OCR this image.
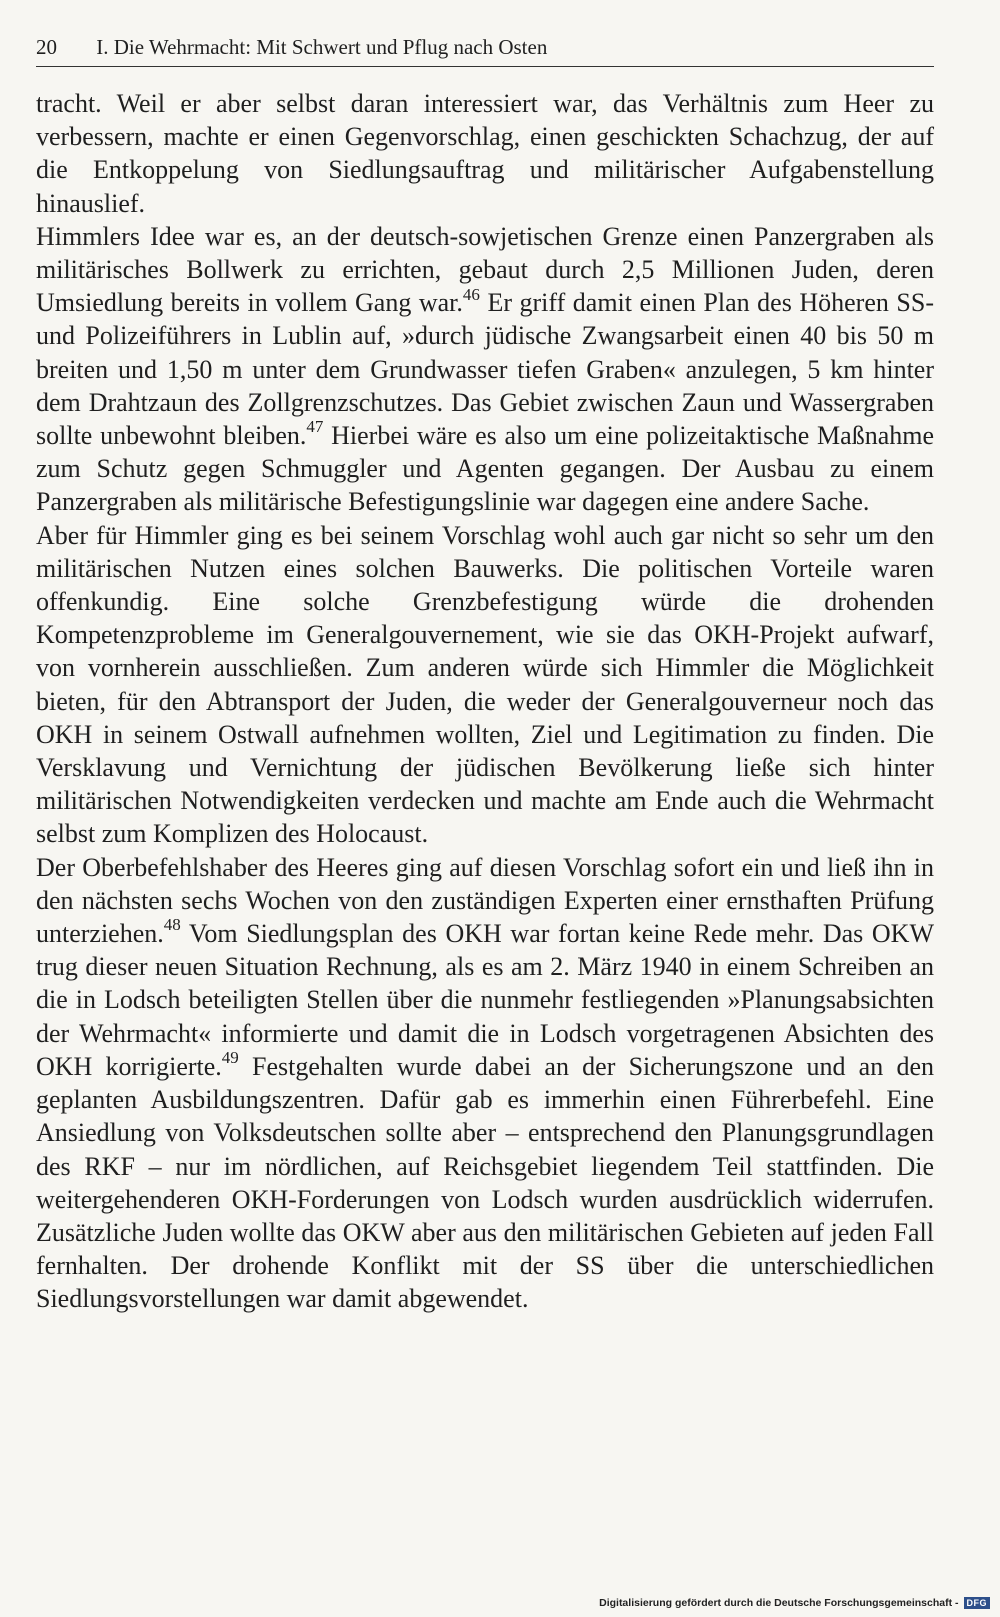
20 I. Die Wehrmacht: Mit Schwert und Pflug nach Osten

tracht. Weil er aber selbst daran interessiert war, das Verhältnis zum Heer zu verbessern, machte er einen Gegenvorschlag, einen geschickten Schachzug, der auf die Entkoppelung von Siedlungsauftrag und militärischer Aufgabenstellung hinauslief.

Himmlers Idee war es, an der deutsch-sowjetischen Grenze einen Panzergraben als militärisches Bollwerk zu errichten, gebaut durch 2,5 Millionen Juden, deren Umsiedlung bereits in vollem Gang war.$^{46}$ Er griff damit einen Plan des Höheren SS- und Polizeiführers in Lublin auf, »durch jüdische Zwangsarbeit einen 40 bis 50 m breiten und 1,50 m unter dem Grundwasser tiefen Graben« anzulegen, 5 km hinter dem Drahtzaun des Zollgrenzschutzes. Das Gebiet zwischen Zaun und Wassergraben sollte unbewohnt bleiben.$^{47}$ Hierbei wäre es also um eine polizeitaktische Maßnahme zum Schutz gegen Schmuggler und Agenten gegangen. Der Ausbau zu einem Panzergraben als militärische Befestigungslinie war dagegen eine andere Sache.

Aber für Himmler ging es bei seinem Vorschlag wohl auch gar nicht so sehr um den militärischen Nutzen eines solchen Bauwerks. Die politischen Vorteile waren offenkundig. Eine solche Grenzbefestigung würde die drohenden Kompetenzprobleme im Generalgouvernement, wie sie das OKH-Projekt aufwarf, von vornherein ausschließen. Zum anderen würde sich Himmler die Möglichkeit bieten, für den Abtransport der Juden, die weder der Generalgouverneur noch das OKH in seinem Ostwall aufnehmen wollten, Ziel und Legitimation zu finden. Die Versklavung und Vernichtung der jüdischen Bevölkerung ließe sich hinter militärischen Notwendigkeiten verdecken und machte am Ende auch die Wehrmacht selbst zum Komplizen des Holocaust.

Der Oberbefehlshaber des Heeres ging auf diesen Vorschlag sofort ein und ließ ihn in den nächsten sechs Wochen von den zuständigen Experten einer ernsthaften Prüfung unterziehen.$^{48}$ Vom Siedlungsplan des OKH war fortan keine Rede mehr. Das OKW trug dieser neuen Situation Rechnung, als es am 2. März 1940 in einem Schreiben an die in Lodsch beteiligten Stellen über die nunmehr festliegenden »Planungsabsichten der Wehrmacht« informierte und damit die in Lodsch vorgetragenen Absichten des OKH korrigierte.$^{49}$ Festgehalten wurde dabei an der Sicherungszone und an den geplanten Ausbildungszentren. Dafür gab es immerhin einen Führerbefehl. Eine Ansiedlung von Volksdeutschen sollte aber – entsprechend den Planungsgrundlagen des RKF – nur im nördlichen, auf Reichsgebiet liegendem Teil stattfinden. Die weitergehenderen OKH-Forderungen von Lodsch wurden ausdrücklich widerrufen. Zusätzliche Juden wollte das OKW aber aus den militärischen Gebieten auf jeden Fall fernhalten. Der drohende Konflikt mit der SS über die unterschiedlichen Siedlungsvorstellungen war damit abgewendet.

Digitalisierung gefördert durch die Deutsche Forschungsgemeinschaft - DFG
